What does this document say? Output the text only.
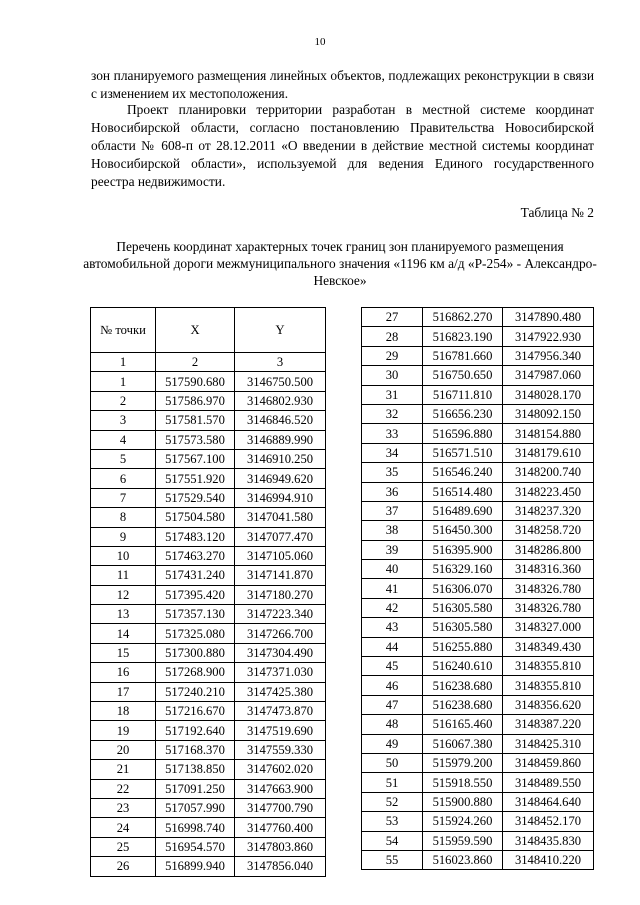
10

зон планируемого размещения линейных объектов, подлежащих реконструкции в связи с изменением их местоположения.

Проект планировки территории разработан в местной системе координат Новосибирской области, согласно постановлению Правительства Новосибирской области № 608-п от 28.12.2011 «О введении в действие местной системы координат Новосибирской области», используемой для ведения Единого государственного реестра недвижимости.

Таблица № 2

Перечень координат характерных точек границ зон планируемого размещения автомобильной дороги межмуниципального значения «1196 км а/д «Р-254» - Александро-Невское»

№ точки	X	Y
1	2	3
1	517590.680	3146750.500
2	517586.970	3146802.930
3	517581.570	3146846.520
4	517573.580	3146889.990
5	517567.100	3146910.250
6	517551.920	3146949.620
7	517529.540	3146994.910
8	517504.580	3147041.580
9	517483.120	3147077.470
10	517463.270	3147105.060
11	517431.240	3147141.870
12	517395.420	3147180.270
13	517357.130	3147223.340
14	517325.080	3147266.700
15	517300.880	3147304.490
16	517268.900	3147371.030
17	517240.210	3147425.380
18	517216.670	3147473.870
19	517192.640	3147519.690
20	517168.370	3147559.330
21	517138.850	3147602.020
22	517091.250	3147663.900
23	517057.990	3147700.790
24	516998.740	3147760.400
25	516954.570	3147803.860
26	516899.940	3147856.040
27	516862.270	3147890.480
28	516823.190	3147922.930
29	516781.660	3147956.340
30	516750.650	3147987.060
31	516711.810	3148028.170
32	516656.230	3148092.150
33	516596.880	3148154.880
34	516571.510	3148179.610
35	516546.240	3148200.740
36	516514.480	3148223.450
37	516489.690	3148237.320
38	516450.300	3148258.720
39	516395.900	3148286.800
40	516329.160	3148316.360
41	516306.070	3148326.780
42	516305.580	3148326.780
43	516305.580	3148327.000
44	516255.880	3148349.430
45	516240.610	3148355.810
46	516238.680	3148355.810
47	516238.680	3148356.620
48	516165.460	3148387.220
49	516067.380	3148425.310
50	515979.200	3148459.860
51	515918.550	3148489.550
52	515900.880	3148464.640
53	515924.260	3148452.170
54	515959.590	3148435.830
55	516023.860	3148410.220
